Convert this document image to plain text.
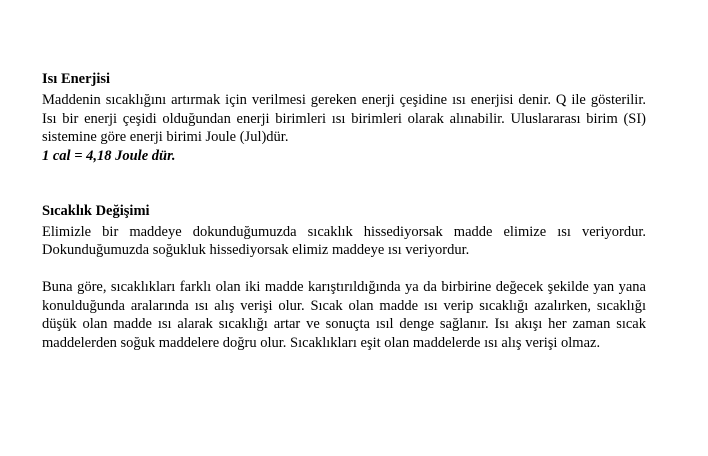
Isı Enerjisi

Maddenin sıcaklığını artırmak için verilmesi gereken enerji çeşidine ısı enerjisi denir. Q ile gösterilir. Isı bir enerji çeşidi olduğundan enerji birimleri ısı birimleri olarak alınabilir. Uluslararası birim (SI) sistemine göre enerji birimi Joule (Jul)dür.

1 cal = 4,18 Joule dür.

Sıcaklık Değişimi

Elimizle bir maddeye dokunduğumuzda sıcaklık hissediyorsak madde elimize ısı veriyordur. Dokunduğumuzda soğukluk hissediyorsak elimiz maddeye ısı veriyordur.

Buna göre, sıcaklıkları farklı olan iki madde karıştırıldığında ya da birbirine değecek şekilde yan yana konulduğunda aralarında ısı alış verişi olur. Sıcak olan madde ısı verip sıcaklığı azalırken, sıcaklığı düşük olan madde ısı alarak sıcaklığı artar ve sonuçta ısıl denge sağlanır. Isı akışı her zaman sıcak maddelerden soğuk maddelere doğru olur. Sıcaklıkları eşit olan maddelerde ısı alış verişi olmaz.
